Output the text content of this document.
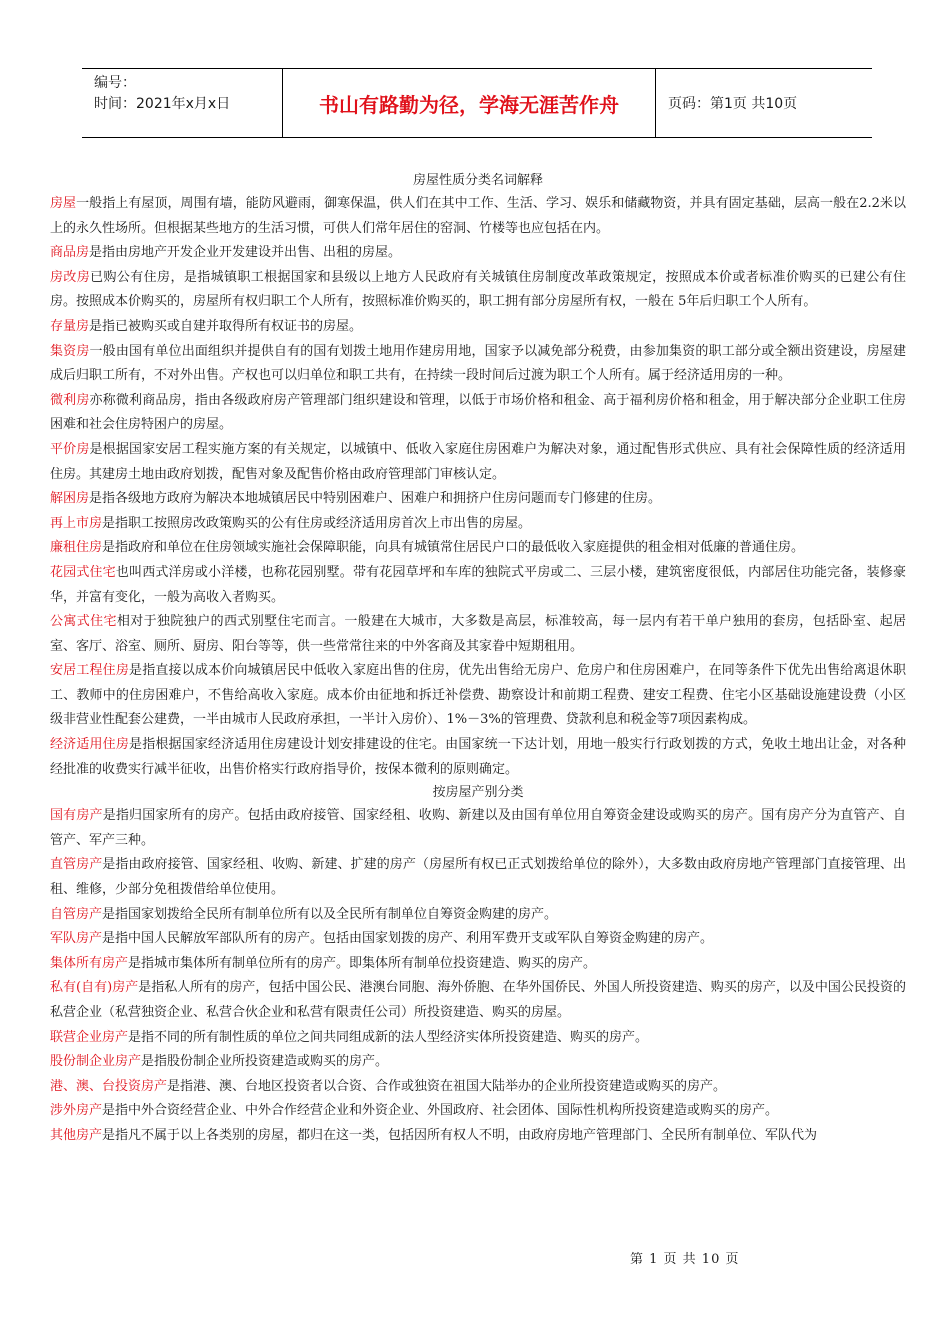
编号：
时间：2021年x月x日	书山有路勤为径，学海无涯苦作舟	页码：第1页 共10页
房屋性质分类名词解释

房屋一般指上有屋顶，周围有墙，能防风避雨，御寒保温，供人们在其中工作、生活、学习、娱乐和储藏物资，并具有固定基础，层高一般在2.2米以上的永久性场所。但根据某些地方的生活习惯，可供人们常年居住的窑洞、竹楼等也应包括在内。

商品房是指由房地产开发企业开发建设并出售、出租的房屋。

房改房已购公有住房，是指城镇职工根据国家和县级以上地方人民政府有关城镇住房制度改革政策规定，按照成本价或者标准价购买的已建公有住房。按照成本价购买的，房屋所有权归职工个人所有，按照标准价购买的，职工拥有部分房屋所有权，一般在 5年后归职工个人所有。

存量房是指已被购买或自建并取得所有权证书的房屋。

集资房一般由国有单位出面组织并提供自有的国有划拨土地用作建房用地，国家予以减免部分税费，由参加集资的职工部分或全额出资建设，房屋建成后归职工所有，不对外出售。产权也可以归单位和职工共有，在持续一段时间后过渡为职工个人所有。属于经济适用房的一种。

微利房亦称微利商品房，指由各级政府房产管理部门组织建设和管理，以低于市场价格和租金、高于福利房价格和租金，用于解决部分企业职工住房困难和社会住房特困户的房屋。

平价房是根据国家安居工程实施方案的有关规定，以城镇中、低收入家庭住房困难户为解决对象，通过配售形式供应、具有社会保障性质的经济适用住房。其建房土地由政府划拨，配售对象及配售价格由政府管理部门审核认定。

解困房是指各级地方政府为解决本地城镇居民中特别困难户、困难户和拥挤户住房问题而专门修建的住房。

再上市房是指职工按照房改政策购买的公有住房或经济适用房首次上市出售的房屋。

廉租住房是指政府和单位在住房领域实施社会保障职能，向具有城镇常住居民户口的最低收入家庭提供的租金相对低廉的普通住房。

花园式住宅也叫西式洋房或小洋楼，也称花园别墅。带有花园草坪和车库的独院式平房或二、三层小楼，建筑密度很低，内部居住功能完备，装修豪华，并富有变化，一般为高收入者购买。

公寓式住宅相对于独院独户的西式别墅住宅而言。一般建在大城市，大多数是高层，标准较高，每一层内有若干单户独用的套房，包括卧室、起居室、客厅、浴室、厕所、厨房、阳台等等，供一些常常往来的中外客商及其家眷中短期租用。

安居工程住房是指直接以成本价向城镇居民中低收入家庭出售的住房，优先出售给无房户、危房户和住房困难户，在同等条件下优先出售给离退休职工、教师中的住房困难户，不售给高收入家庭。成本价由征地和拆迁补偿费、勘察设计和前期工程费、建安工程费、住宅小区基础设施建设费（小区级非营业性配套公建费，一半由城市人民政府承担，一半计入房价）、1%－3%的管理费、贷款利息和税金等7项因素构成。

经济适用住房是指根据国家经济适用住房建设计划安排建设的住宅。由国家统一下达计划，用地一般实行行政划拨的方式，免收土地出让金，对各种经批准的收费实行减半征收，出售价格实行政府指导价，按保本微利的原则确定。

按房屋产别分类

国有房产是指归国家所有的房产。包括由政府接管、国家经租、收购、新建以及由国有单位用自筹资金建设或购买的房产。国有房产分为直管产、自管产、军产三种。

直管房产是指由政府接管、国家经租、收购、新建、扩建的房产（房屋所有权已正式划拨给单位的除外），大多数由政府房地产管理部门直接管理、出租、维修，少部分免租拨借给单位使用。

自管房产是指国家划拨给全民所有制单位所有以及全民所有制单位自筹资金购建的房产。

军队房产是指中国人民解放军部队所有的房产。包括由国家划拨的房产、利用军费开支或军队自筹资金购建的房产。

集体所有房产是指城市集体所有制单位所有的房产。即集体所有制单位投资建造、购买的房产。

私有(自有)房产是指私人所有的房产，包括中国公民、港澳台同胞、海外侨胞、在华外国侨民、外国人所投资建造、购买的房产，以及中国公民投资的私营企业（私营独资企业、私营合伙企业和私营有限责任公司）所投资建造、购买的房屋。

联营企业房产是指不同的所有制性质的单位之间共同组成新的法人型经济实体所投资建造、购买的房产。

股份制企业房产是指股份制企业所投资建造或购买的房产。

港、澳、台投资房产是指港、澳、台地区投资者以合资、合作或独资在祖国大陆举办的企业所投资建造或购买的房产。

涉外房产是指中外合资经营企业、中外合作经营企业和外资企业、外国政府、社会团体、国际性机构所投资建造或购买的房产。

其他房产是指凡不属于以上各类别的房屋，都归在这一类，包括因所有权人不明，由政府房地产管理部门、全民所有制单位、军队代为

第 1 页 共 10 页
